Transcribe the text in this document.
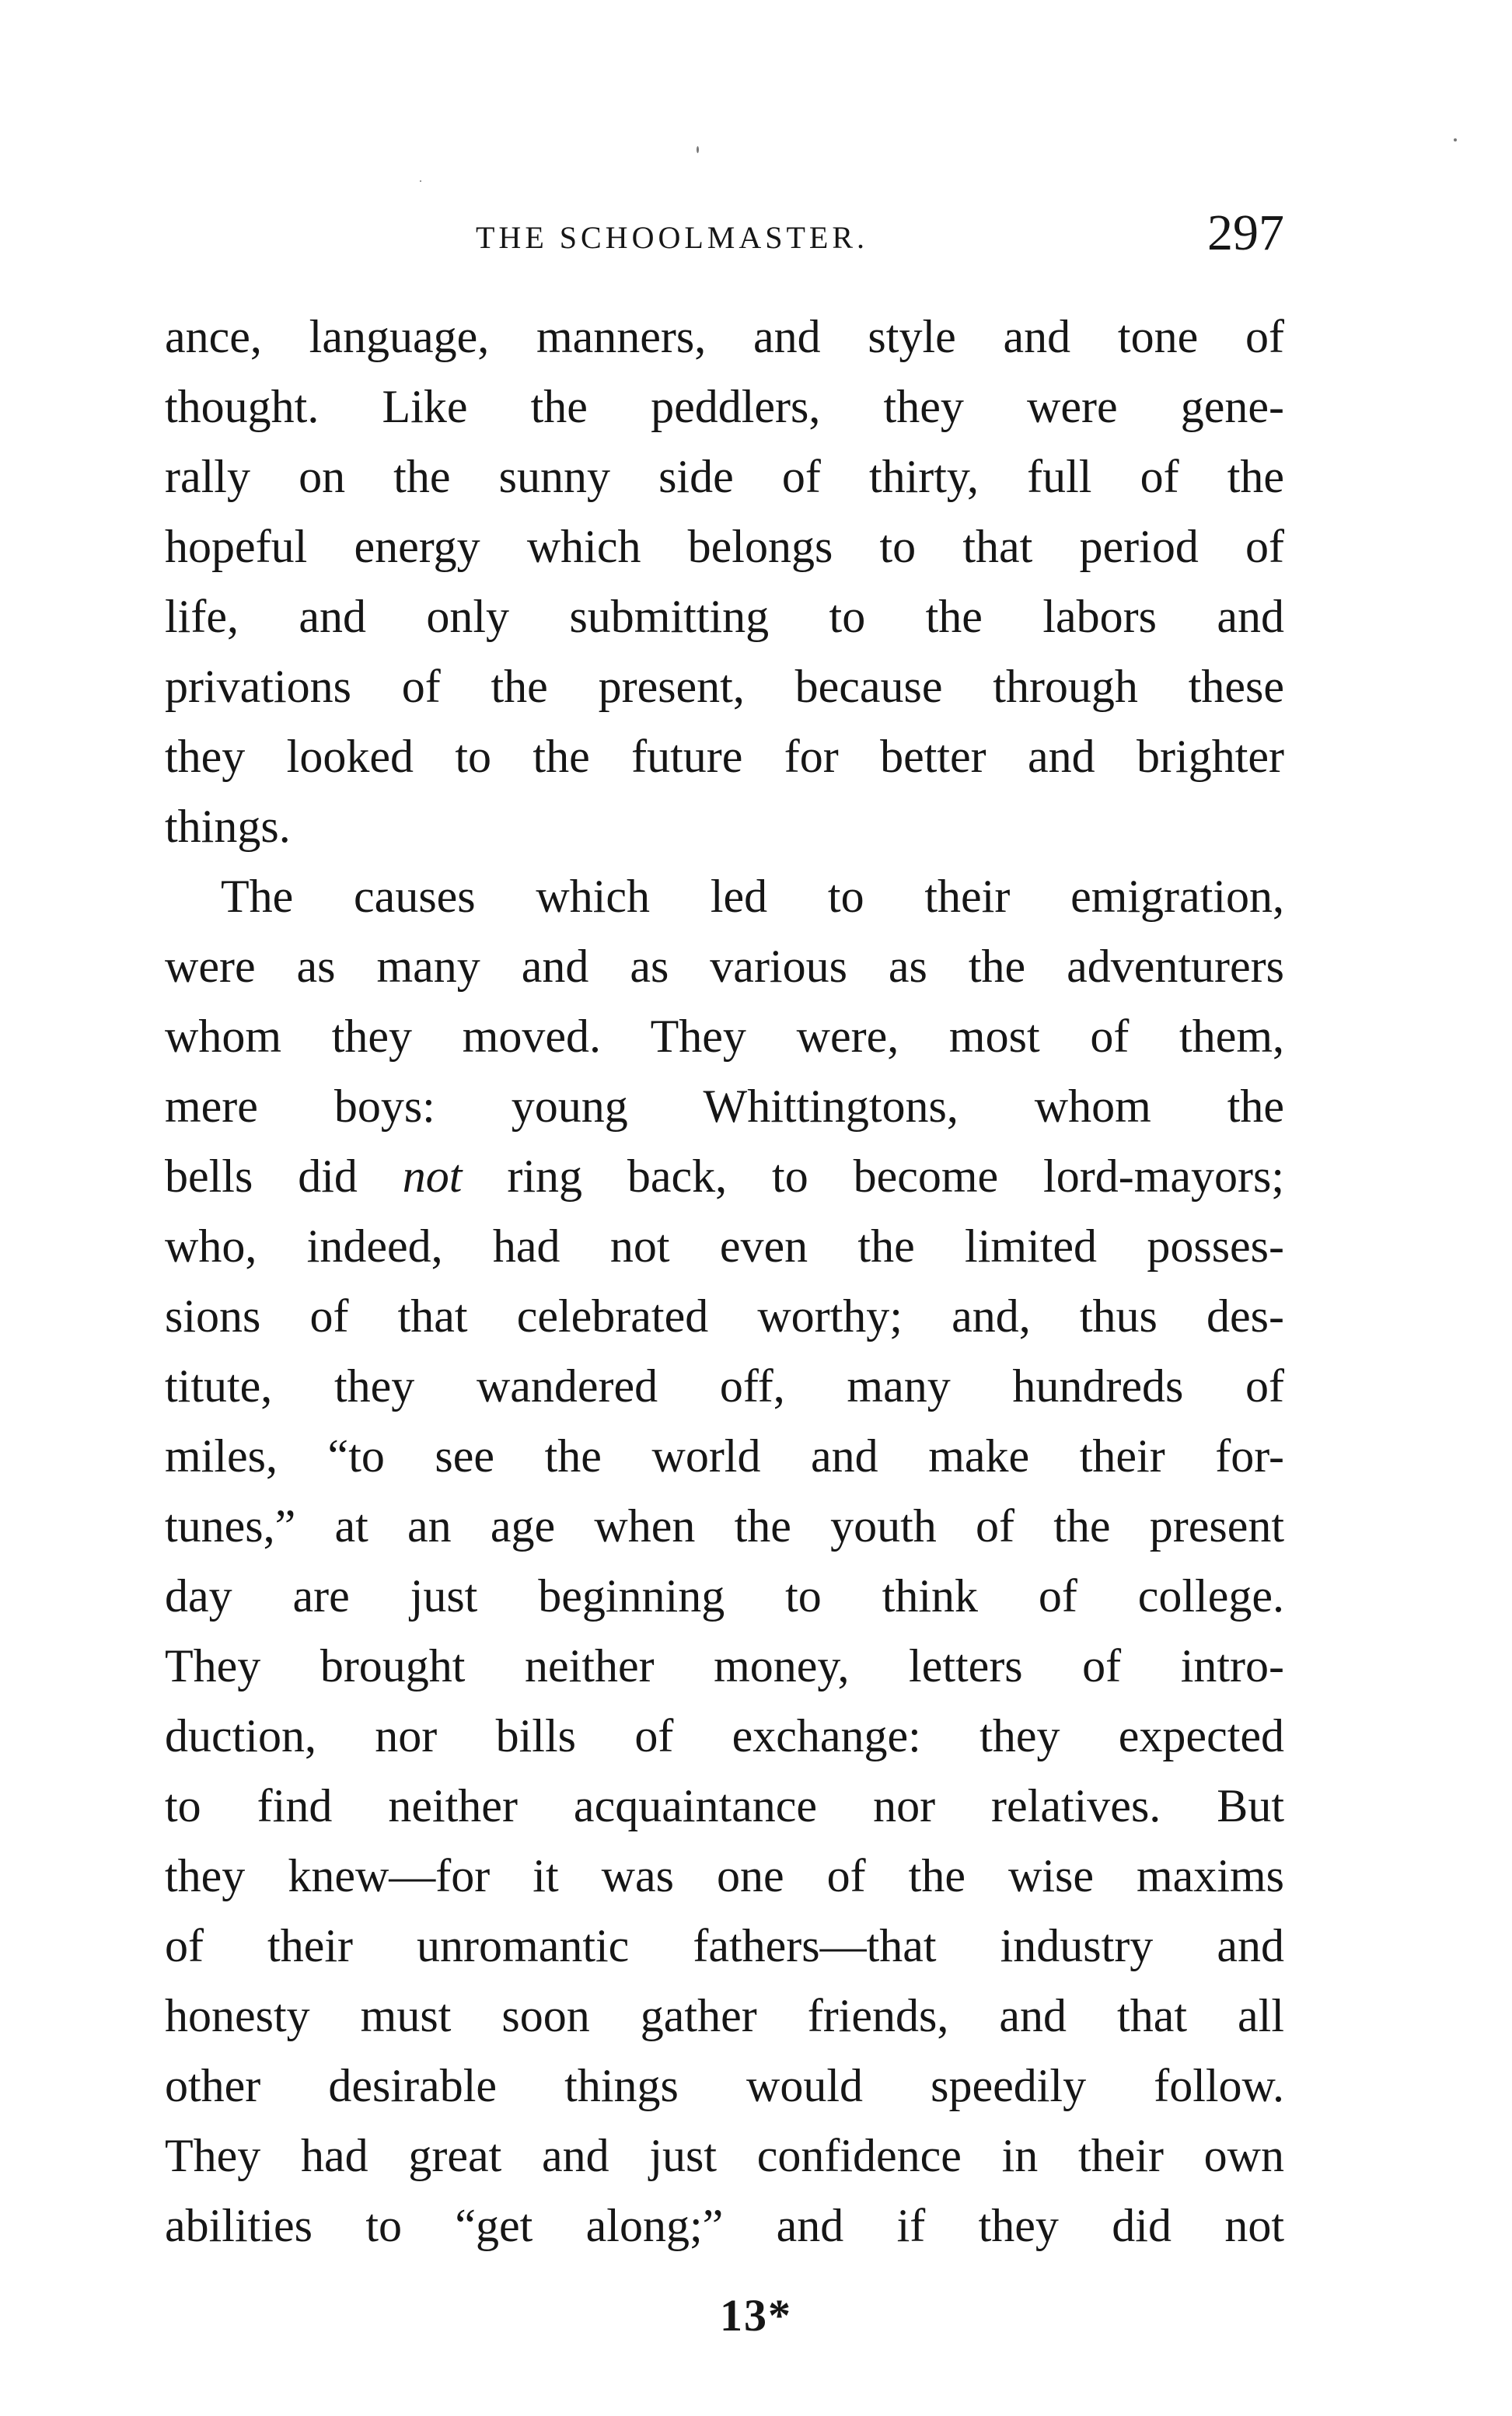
THE SCHOOLMASTER.	297
ance, language, manners, and style and tone of
thought. Like the peddlers, they were gene-
rally on the sunny side of thirty, full of the
hopeful energy which belongs to that period of
life, and only submitting to the labors and
privations of the present, because through these
they looked to the future for better and brighter
things.
The causes which led to their emigration,
were as many and as various as the adventurers
whom they moved. They were, most of them,
mere boys: young Whittingtons, whom the
bells did not ring back, to become lord-mayors;
who, indeed, had not even the limited posses-
sions of that celebrated worthy; and, thus des-
titute, they wandered off, many hundreds of
miles, “to see the world and make their for-
tunes,” at an age when the youth of the present
day are just beginning to think of college.
They brought neither money, letters of intro-
duction, nor bills of exchange: they expected
to find neither acquaintance nor relatives. But
they knew—for it was one of the wise maxims
of their unromantic fathers—that industry and
honesty must soon gather friends, and that all
other desirable things would speedily follow.
They had great and just confidence in their own
abilities to “get along;” and if they did not
13*
